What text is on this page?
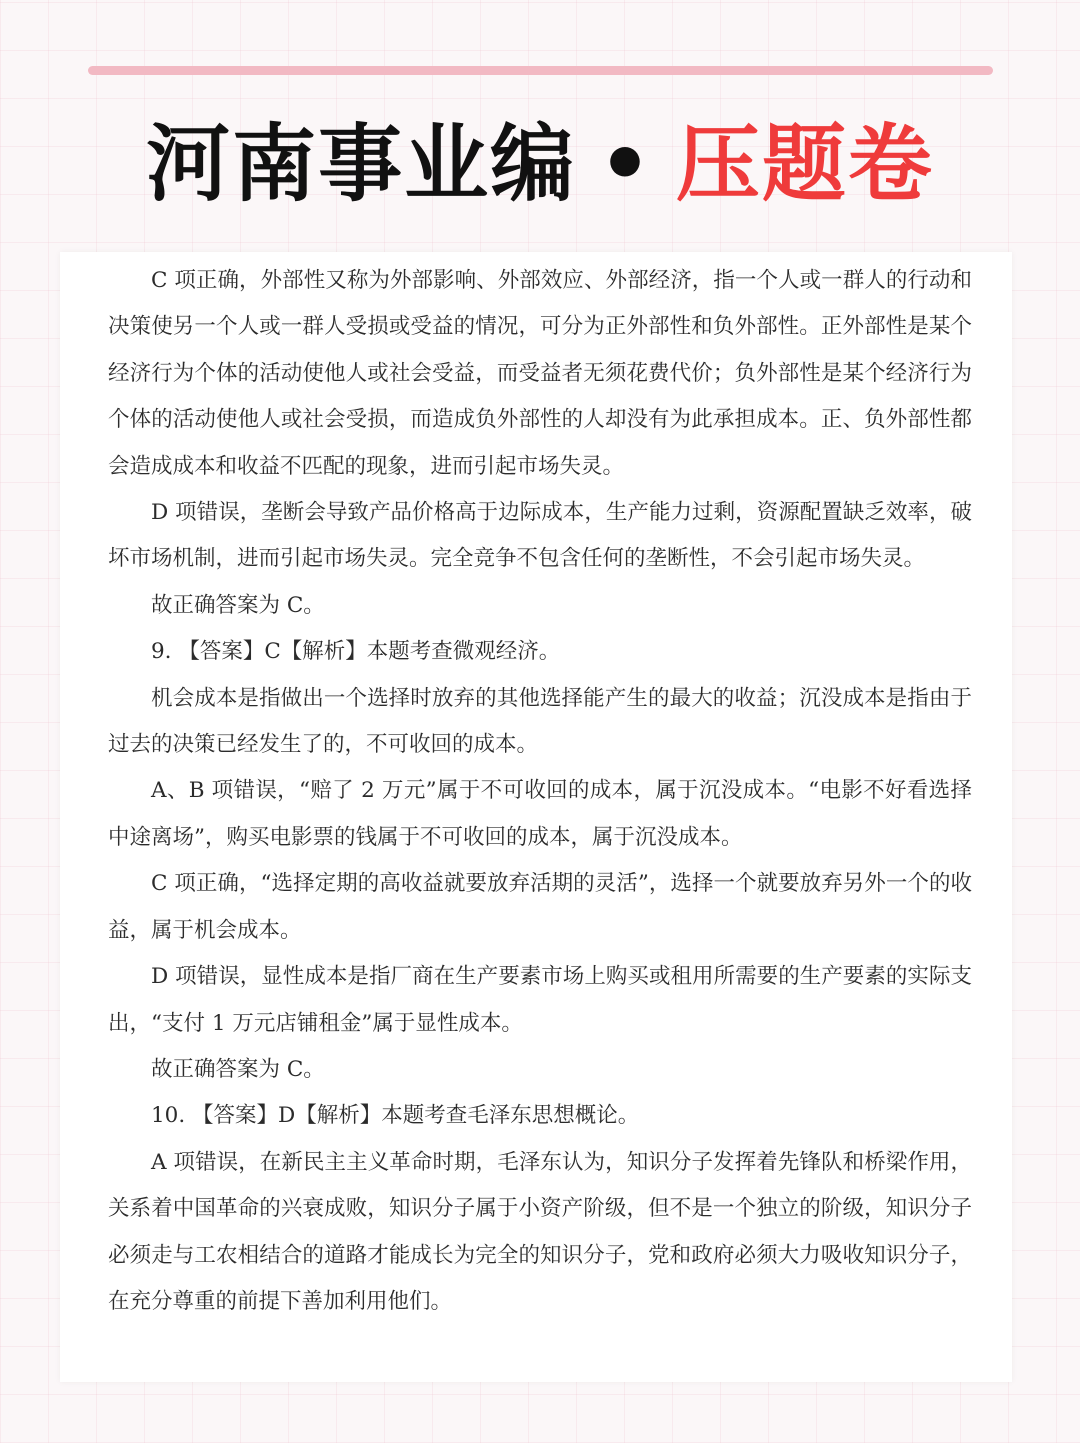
河南事业编 • 压题卷

C 项正确，外部性又称为外部影响、外部效应、外部经济，指一个人或一群人的行动和决策使另一个人或一群人受损或受益的情况，可分为正外部性和负外部性。正外部性是某个经济行为个体的活动使他人或社会受益，而受益者无须花费代价；负外部性是某个经济行为个体的活动使他人或社会受损，而造成负外部性的人却没有为此承担成本。正、负外部性都会造成成本和收益不匹配的现象，进而引起市场失灵。

D 项错误，垄断会导致产品价格高于边际成本，生产能力过剩，资源配置缺乏效率，破坏市场机制，进而引起市场失灵。完全竞争不包含任何的垄断性，不会引起市场失灵。

故正确答案为 C。

9. 【答案】C【解析】本题考查微观经济。

机会成本是指做出一个选择时放弃的其他选择能产生的最大的收益；沉没成本是指由于过去的决策已经发生了的，不可收回的成本。

A、B 项错误，“赔了 2 万元”属于不可收回的成本，属于沉没成本。“电影不好看选择中途离场”，购买电影票的钱属于不可收回的成本，属于沉没成本。

C 项正确，“选择定期的高收益就要放弃活期的灵活”，选择一个就要放弃另外一个的收益，属于机会成本。

D 项错误，显性成本是指厂商在生产要素市场上购买或租用所需要的生产要素的实际支出，“支付 1 万元店铺租金”属于显性成本。

故正确答案为 C。

10. 【答案】D【解析】本题考查毛泽东思想概论。

A 项错误，在新民主主义革命时期，毛泽东认为，知识分子发挥着先锋队和桥梁作用，关系着中国革命的兴衰成败，知识分子属于小资产阶级，但不是一个独立的阶级，知识分子必须走与工农相结合的道路才能成长为完全的知识分子，党和政府必须大力吸收知识分子，在充分尊重的前提下善加利用他们。
